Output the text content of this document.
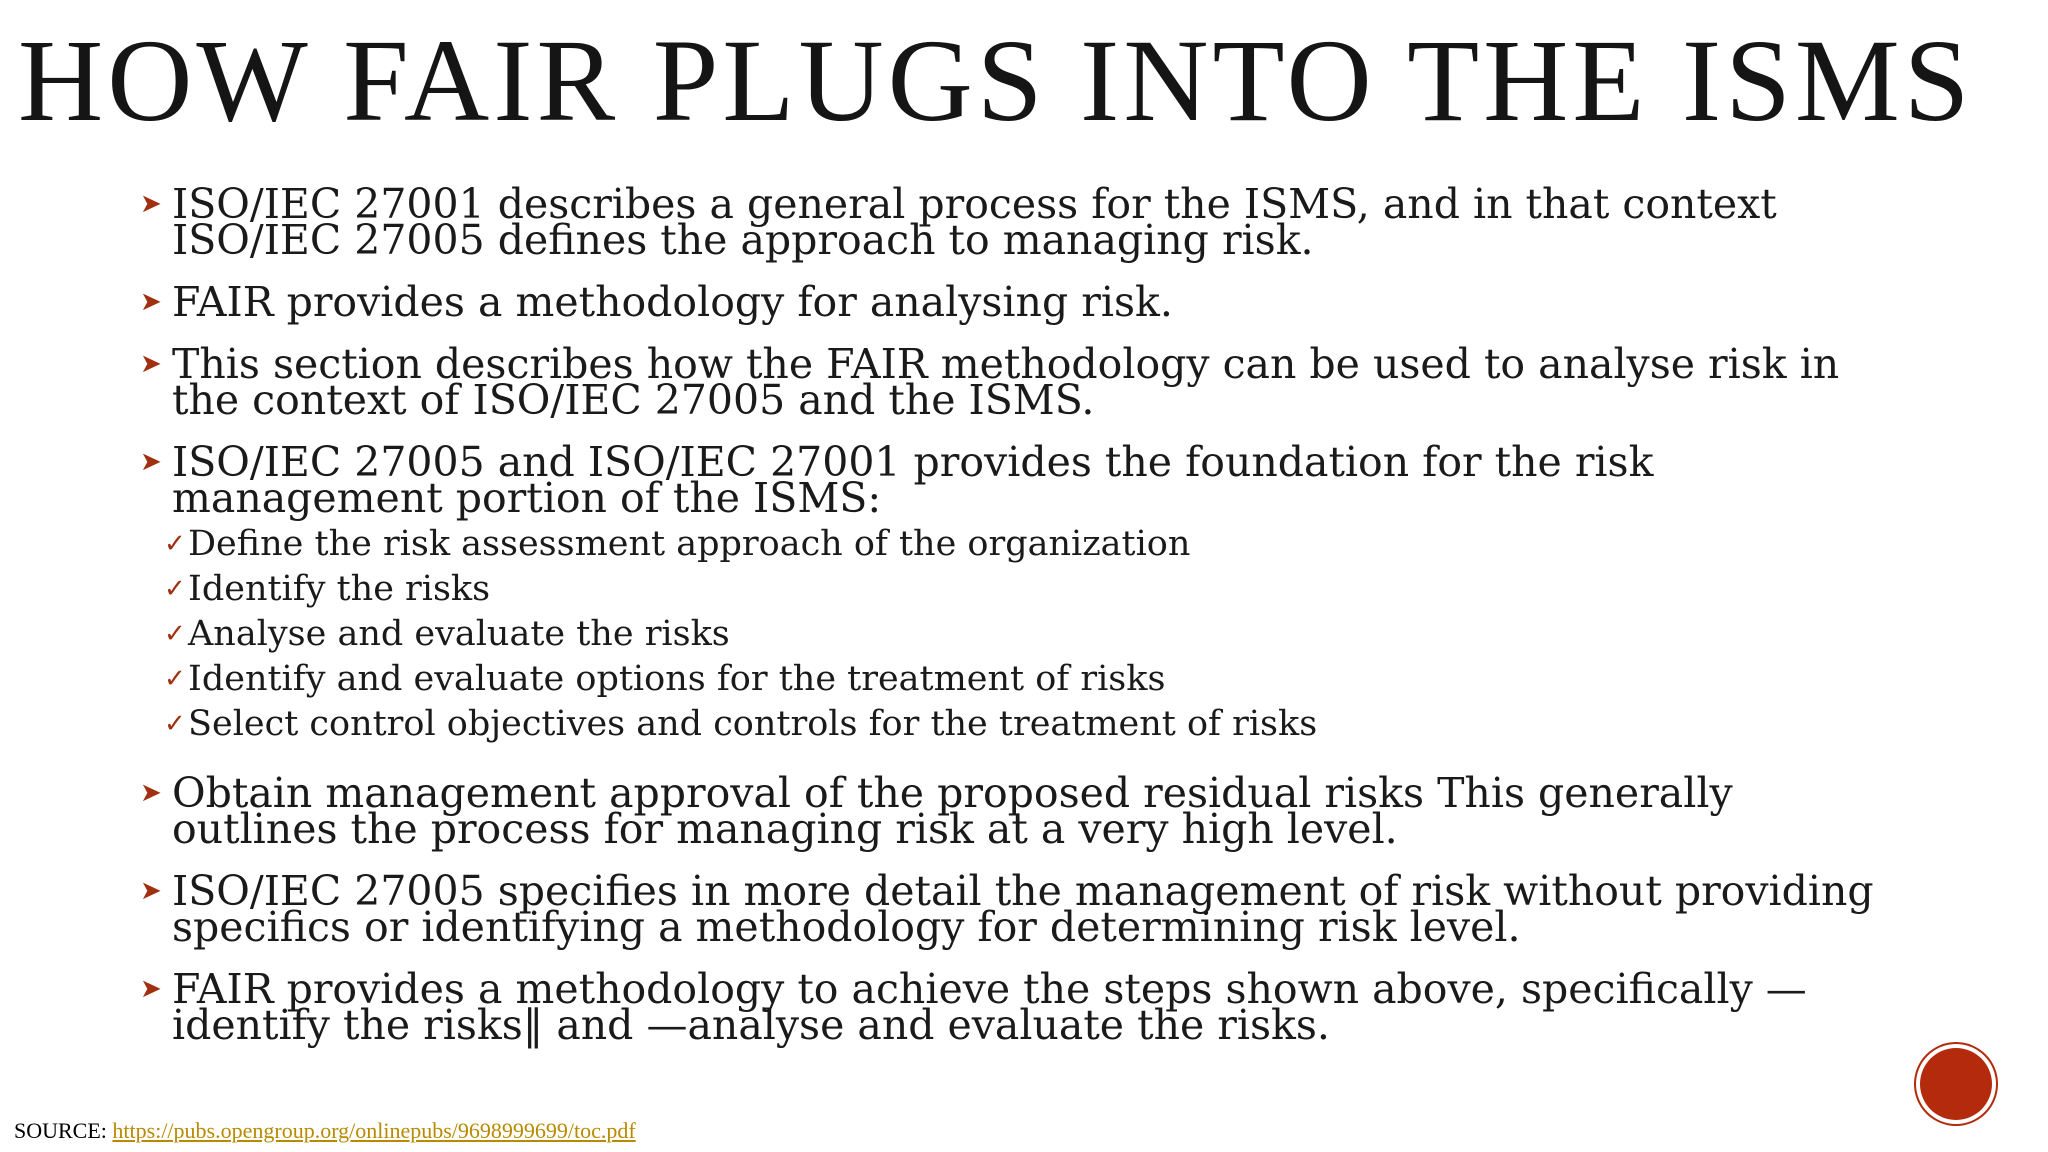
HOW FAIR PLUGS INTO THE ISMS
➤ ISO/IEC 27001 describes a general process for the ISMS, and in that context ISO/IEC 27005 defines the approach to managing risk.
➤ FAIR provides a methodology for analysing risk.
➤ This section describes how the FAIR methodology can be used to analyse risk in the context of ISO/IEC 27005 and the ISMS.
➤ ISO/IEC 27005 and ISO/IEC 27001 provides the foundation for the risk management portion of the ISMS:
✓ Define the risk assessment approach of the organization
✓ Identify the risks
✓ Analyse and evaluate the risks
✓ Identify and evaluate options for the treatment of risks
✓ Select control objectives and controls for the treatment of risks
➤ Obtain management approval of the proposed residual risks This generally outlines the process for managing risk at a very high level.
➤ ISO/IEC 27005 specifies in more detail the management of risk without providing specifics or identifying a methodology for determining risk level.
➤ FAIR provides a methodology to achieve the steps shown above, specifically —identify the risks‖ and —analyse and evaluate the risks.
SOURCE: https://pubs.opengroup.org/onlinepubs/9698999699/toc.pdf
